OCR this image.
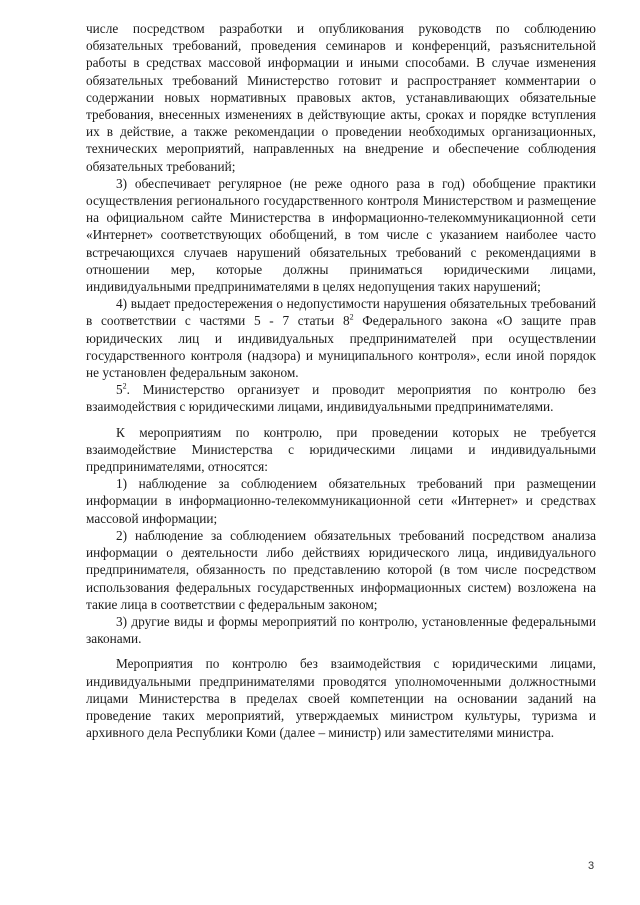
числе посредством разработки и опубликования руководств по соблюдению обязательных требований, проведения семинаров и конференций, разъяснительной работы в средствах массовой информации и иными способами. В случае изменения обязательных требований Министерство готовит и распространяет комментарии о содержании новых нормативных правовых актов, устанавливающих обязательные требования, внесенных изменениях в действующие акты, сроках и порядке вступления их в действие, а также рекомендации о проведении необходимых организационных, технических мероприятий, направленных на внедрение и обеспечение соблюдения обязательных требований;

3) обеспечивает регулярное (не реже одного раза в год) обобщение практики осуществления регионального государственного контроля Министерством и размещение на официальном сайте Министерства в информационно-телекоммуникационной сети «Интернет» соответствующих обобщений, в том числе с указанием наиболее часто встречающихся случаев нарушений обязательных требований с рекомендациями в отношении мер, которые должны приниматься юридическими лицами, индивидуальными предпринимателями в целях недопущения таких нарушений;

4) выдает предостережения о недопустимости нарушения обязательных требований в соответствии с частями 5 - 7 статьи $8^2$ Федерального закона «О защите прав юридических лиц и индивидуальных предпринимателей при осуществлении государственного контроля (надзора) и муниципального контроля», если иной порядок не установлен федеральным законом.

$5^2$. Министерство организует и проводит мероприятия по контролю без взаимодействия с юридическими лицами, индивидуальными предпринимателями.

К мероприятиям по контролю, при проведении которых не требуется взаимодействие Министерства с юридическими лицами и индивидуальными предпринимателями, относятся:

1) наблюдение за соблюдением обязательных требований при размещении информации в информационно-телекоммуникационной сети «Интернет» и средствах массовой информации;

2) наблюдение за соблюдением обязательных требований посредством анализа информации о деятельности либо действиях юридического лица, индивидуального предпринимателя, обязанность по представлению которой (в том числе посредством использования федеральных государственных информационных систем) возложена на такие лица в соответствии с федеральным законом;

3) другие виды и формы мероприятий по контролю, установленные федеральными законами.

Мероприятия по контролю без взаимодействия с юридическими лицами, индивидуальными предпринимателями проводятся уполномоченными должностными лицами Министерства в пределах своей компетенции на основании заданий на проведение таких мероприятий, утверждаемых министром культуры, туризма и архивного дела Республики Коми (далее – министр) или заместителями министра.

3
